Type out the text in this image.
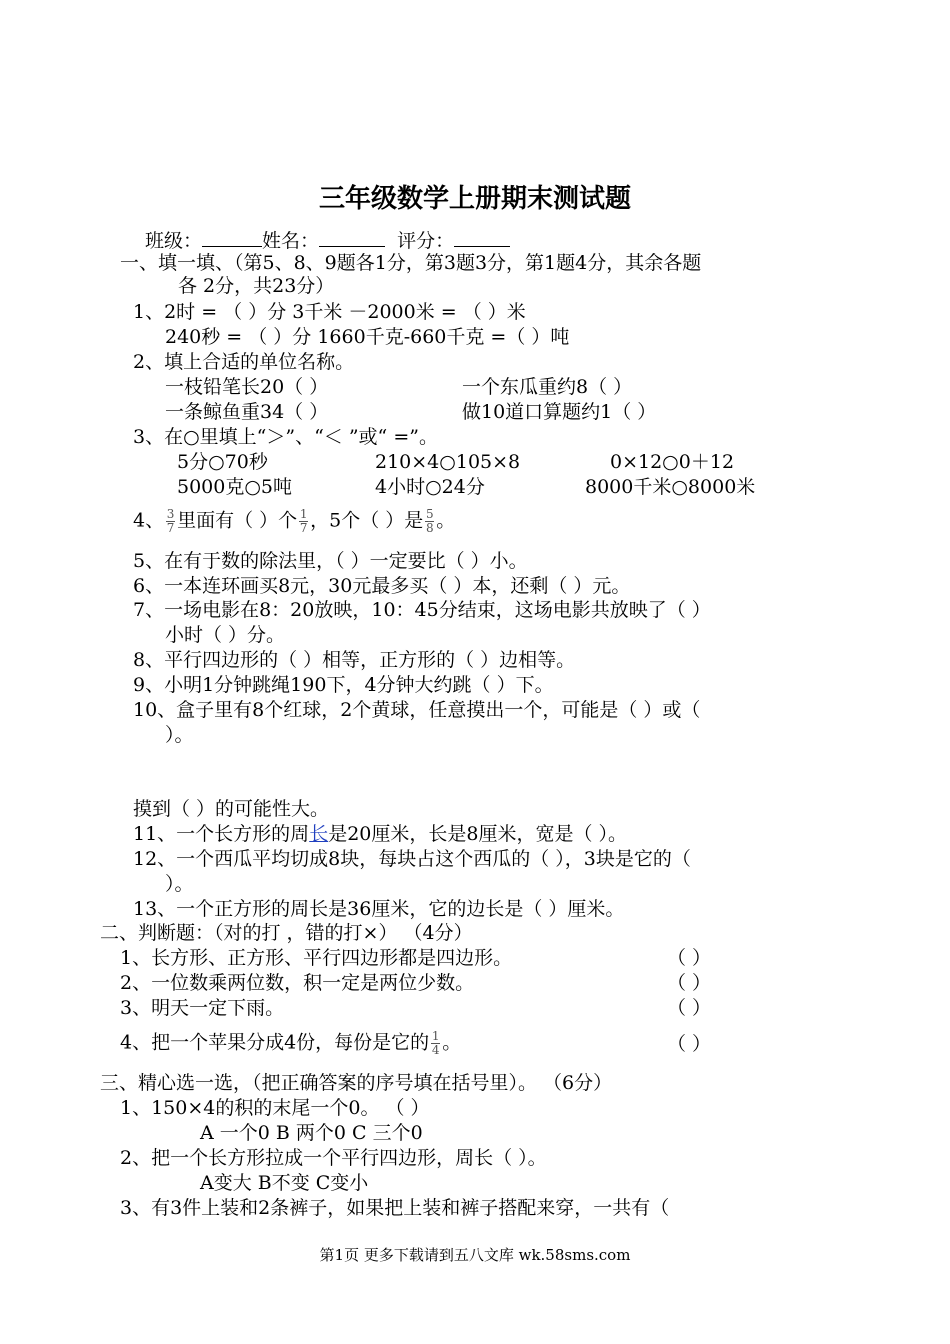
三年级数学上册期末测试题
班级：	姓名：	评分：
一、填一填、（第5、8、9题各1分，第3题3分，第1题4分，其余各题
各 2分，共23分）
1、2时 = （ ）分 3千米 －2000米 = （ ）米
240秒 = （ ）分 1660千克-660千克 =（ ）吨
2、填上合适的单位名称。
一枝铅笔长20（ ）	一个东瓜重约8（ ）
一条鲸鱼重34（ ）	做10道口算题约1（ ）
3、在○里填上“＞”、“＜ ”或“ =”。
5分○70秒	210×4○105×8	0×12○0＋12
5000克○5吨	4小时○24分	8000千米○8000米
4、 $\frac{3}{7}$ 里面有（ ）个 $\frac{1}{7}$ ，5个（ ）是 $\frac{5}{8}$ 。
5、在有于数的除法里，（ ）一定要比（ ）小。
6、一本连环画买8元，30元最多买（ ）本，还剩（ ）元。
7、一场电影在8：20放映，10：45分结束，这场电影共放映了（ ）
小时（ ）分。
8、平行四边形的（ ）相等，正方形的（ ）边相等。
9、小明1分钟跳绳190下，4分钟大约跳（ ）下。
10、盒子里有8个红球，2个黄球，任意摸出一个，可能是（ ）或（
）。
摸到（ ）的可能性大。
11、一个长方形的周长是20厘米，长是8厘米，宽是（ ）。
12、一个西瓜平均切成8块，每块占这个西瓜的（ ），3块是它的（
）。
13、一个正方形的周长是36厘米，它的边长是（ ）厘米。
二、判断题：（对的打 ，错的打×） （4分）
1、长方形、正方形、平行四边形都是四边形。	（ ）
2、一位数乘两位数，积一定是两位少数。	（ ）
3、明天一定下雨。	（ ）
4、把一个苹果分成4份，每份是它的 $\frac{1}{4}$ 。	（ ）
三、精心选一选，（把正确答案的序号填在括号里）。 （6分）
1、150×4的积的末尾一个0。 （ ）
A 一个0 B 两个0 C 三个0
2、把一个长方形拉成一个平行四边形，周长（ ）。
A变大 B不变 C变小
3、有3件上装和2条裤子，如果把上装和裤子搭配来穿，一共有（
第1页 更多下载请到五八文库 wk.58sms.com
